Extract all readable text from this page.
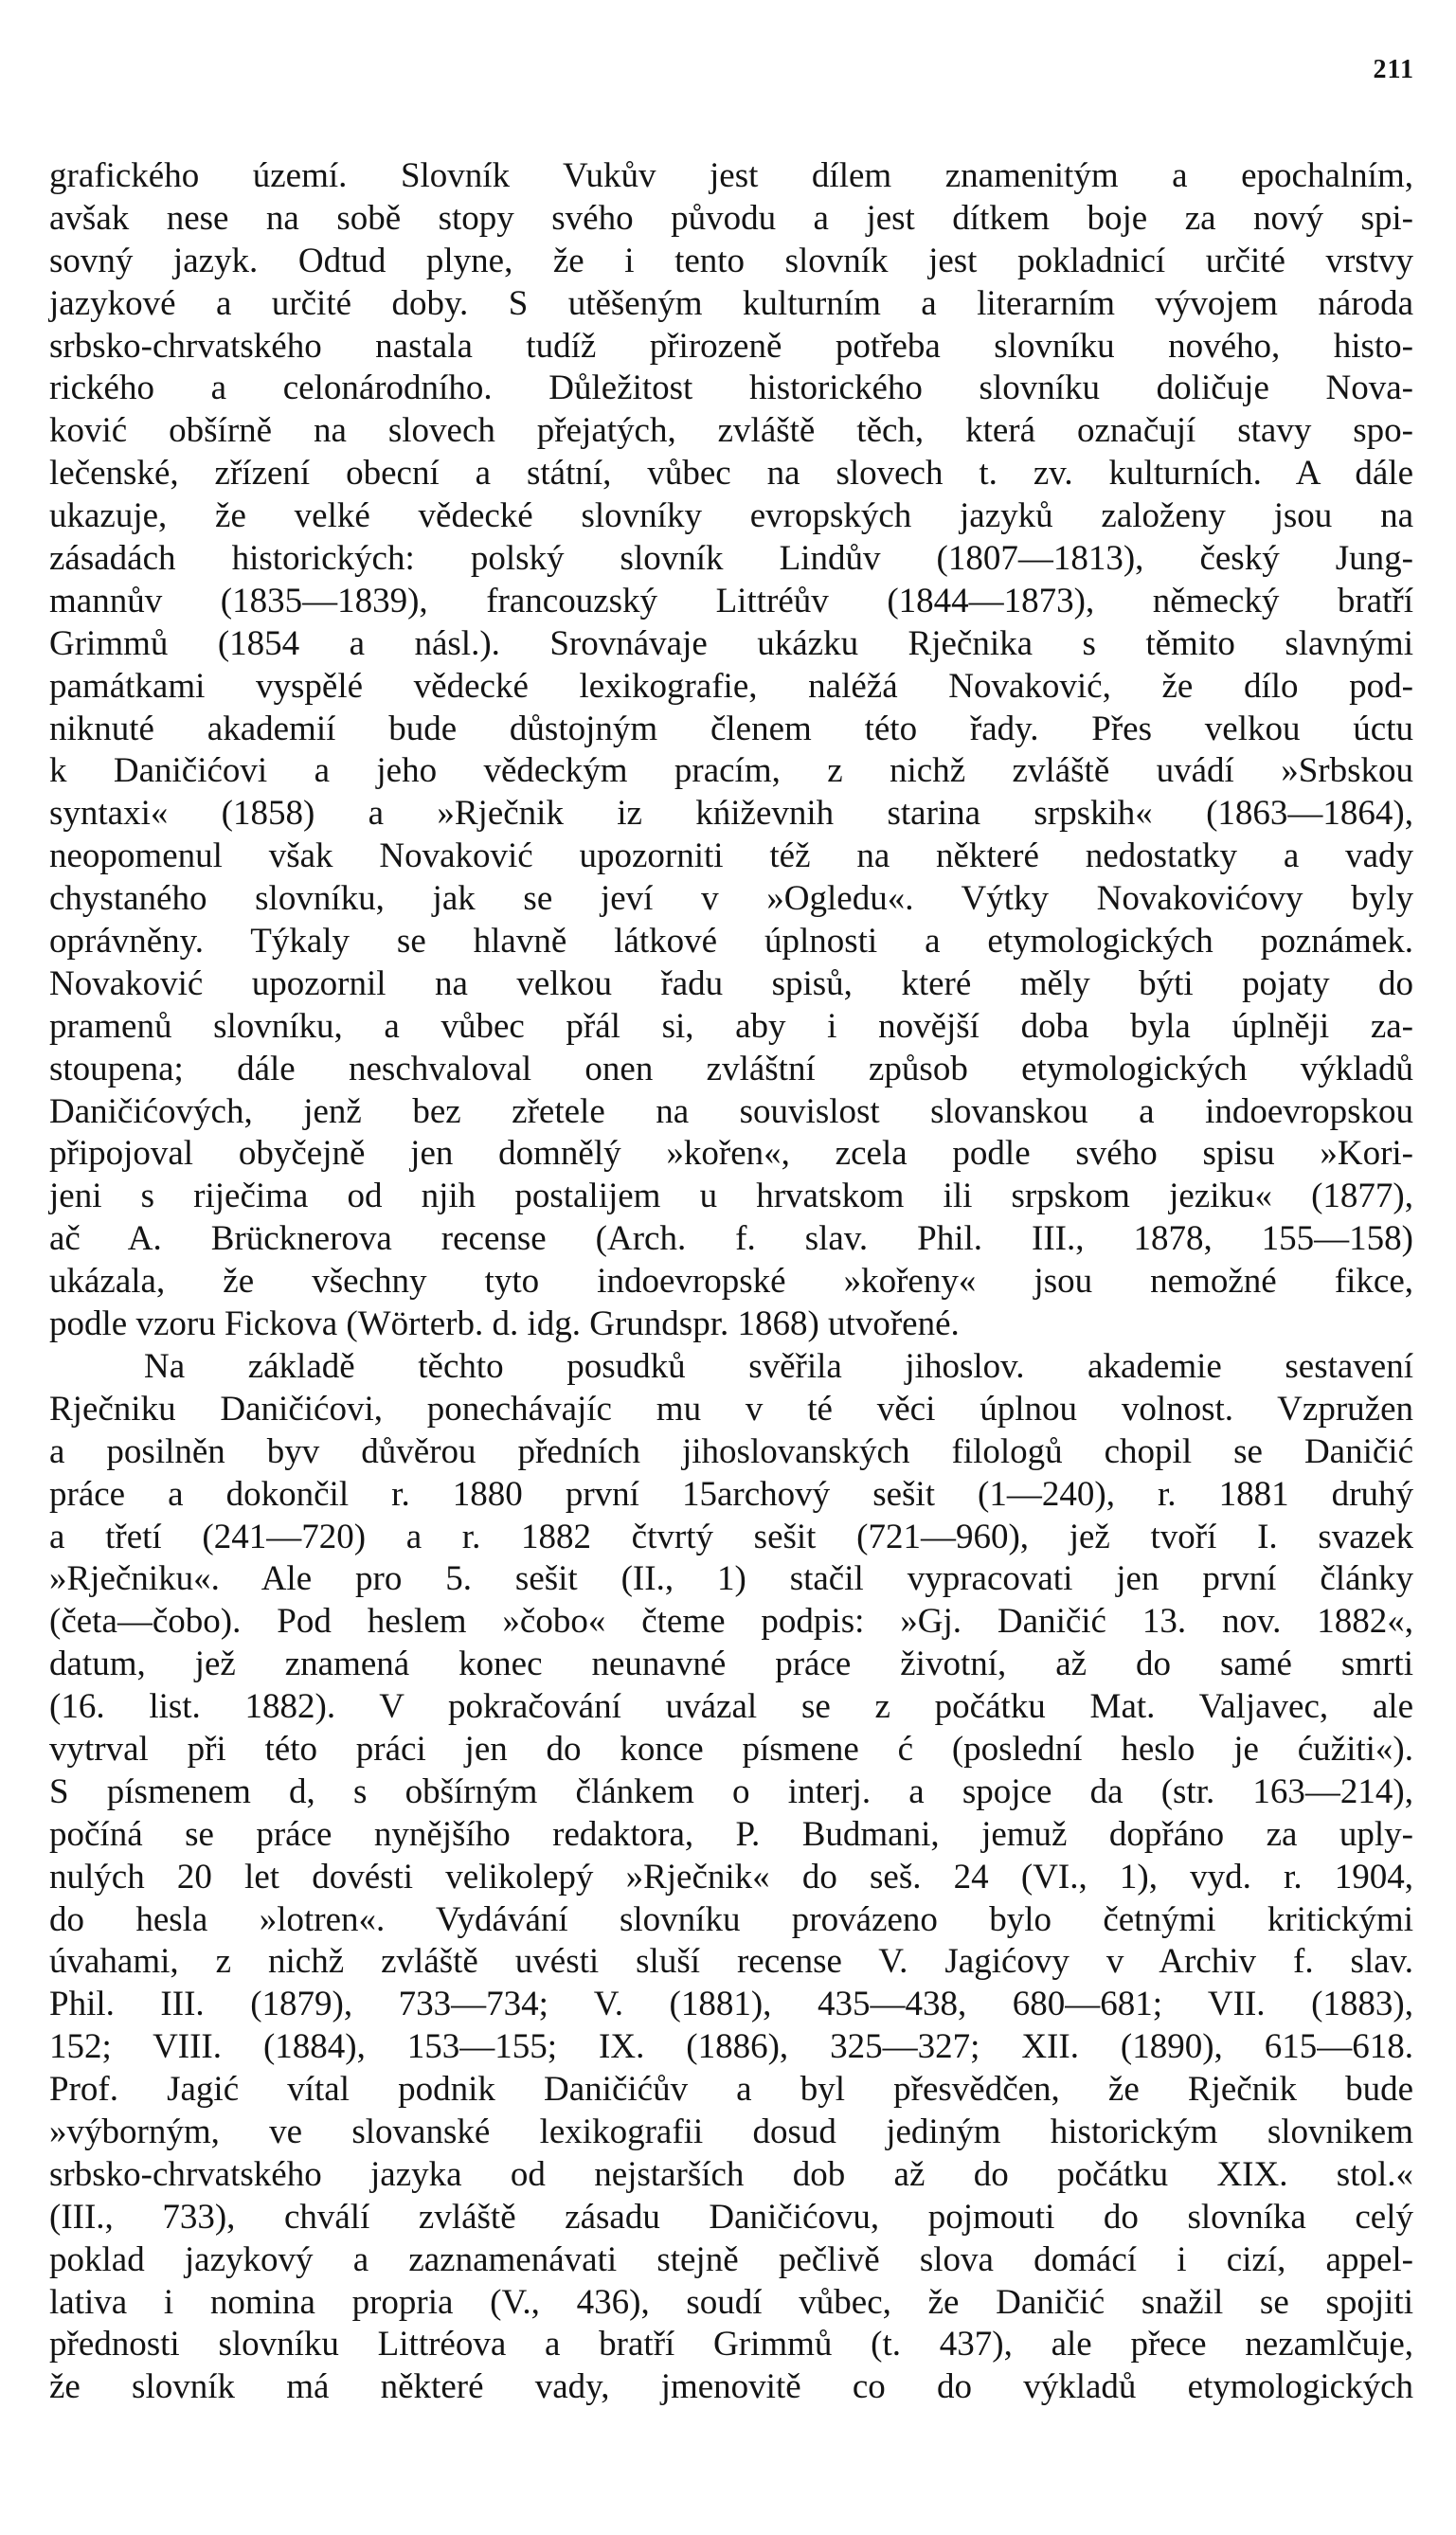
211
grafického území. Slovník Vukův jest dílem znamenitým a epochalním,
avšak nese na sobě stopy svého původu a jest dítkem boje za nový spi-
sovný jazyk. Odtud plyne, že i tento slovník jest pokladnicí určité vrstvy
jazykové a určité doby. S utěšeným kulturním a literarním vývojem národa
srbsko-chrvatského nastala tudíž přirozeně potřeba slovníku nového, histo-
rického a celonárodního. Důležitost historického slovníku doličuje Nova-
ković obšírně na slovech přejatých, zvláště těch, která označují stavy spo-
lečenské, zřízení obecní a státní, vůbec na slovech t. zv. kulturních. A dále
ukazuje, že velké vědecké slovníky evropských jazyků založeny jsou na
zásadách historických: polský slovník Lindův (1807—1813), český Jung-
mannův (1835—1839), francouzský Littréův (1844—1873), německý bratří
Grimmů (1854 a násl.). Srovnávaje ukázku Rječnika s těmito slavnými
památkami vyspělé vědecké lexikografie, naléžá Novaković, že dílo pod-
niknuté akademií bude důstojným členem této řady. Přes velkou úctu
k Daničićovi a jeho vědeckým pracím, z nichž zvláště uvádí »Srbskou
syntaxi« (1858) a »Rječnik iz kńiževnih starina srpskih« (1863—1864),
neopomenul však Novaković upozorniti též na některé nedostatky a vady
chystaného slovníku, jak se jeví v »Ogledu«. Výtky Novakovićovy byly
oprávněny. Týkaly se hlavně látkové úplnosti a etymologických poznámek.
Novaković upozornil na velkou řadu spisů, které měly býti pojaty do
pramenů slovníku, a vůbec přál si, aby i novější doba byla úplněji za-
stoupena; dále neschvaloval onen zvláštní způsob etymologických výkladů
Daničićových, jenž bez zřetele na souvislost slovanskou a indoevropskou
připojoval obyčejně jen domnělý »kořen«, zcela podle svého spisu »Kori-
jeni s riječima od njih postalijem u hrvatskom ili srpskom jeziku« (1877),
ač A. Brücknerova recense (Arch. f. slav. Phil. III., 1878, 155—158)
ukázala, že všechny tyto indoevropské »kořeny« jsou nemožné fikce,
podle vzoru Fickova (Wörterb. d. idg. Grundspr. 1868) utvořené.
Na základě těchto posudků svěřila jihoslov. akademie sestavení
Rječniku Daničićovi, ponechávajíc mu v té věci úplnou volnost. Vzpružen
a posilněn byv důvěrou předních jihoslovanských filologů chopil se Daničić
práce a dokončil r. 1880 první 15archový sešit (1—240), r. 1881 druhý
a třetí (241—720) a r. 1882 čtvrtý sešit (721—960), jež tvoří I. svazek
»Rječniku«. Ale pro 5. sešit (II., 1) stačil vypracovati jen první články
(četa—čobo). Pod heslem »čobo« čteme podpis: »Gj. Daničić 13. nov. 1882«,
datum, jež znamená konec neunavné práce životní, až do samé smrti
(16. list. 1882). V pokračování uvázal se z počátku Mat. Valjavec, ale
vytrval při této práci jen do konce písmene ć (poslední heslo je ćužiti«).
S písmenem d, s obšírným článkem o interj. a spojce da (str. 163—214),
počíná se práce nynějšího redaktora, P. Budmani, jemuž dopřáno za uply-
nulých 20 let dovésti velikolepý »Rječnik« do seš. 24 (VI., 1), vyd. r. 1904,
do hesla »lotren«. Vydávání slovníku provázeno bylo četnými kritickými
úvahami, z nichž zvláště uvésti sluší recense V. Jagićovy v Archiv f. slav.
Phil. III. (1879), 733—734; V. (1881), 435—438, 680—681; VII. (1883),
152; VIII. (1884), 153—155; IX. (1886), 325—327; XII. (1890), 615—618.
Prof. Jagić vítal podnik Daničićův a byl přesvědčen, že Rječnik bude
»výborným, ve slovanské lexikografii dosud jediným historickým slovnikem
srbsko-chrvatského jazyka od nejstarších dob až do počátku XIX. stol.«
(III., 733), chválí zvláště zásadu Daničićovu, pojmouti do slovníka celý
poklad jazykový a zaznamenávati stejně pečlivě slova domácí i cizí, appel-
lativa i nomina propria (V., 436), soudí vůbec, že Daničić snažil se spojiti
přednosti slovníku Littréova a bratří Grimmů (t. 437), ale přece nezamlčuje,
že slovník má některé vady, jmenovitě co do výkladů etymologických
